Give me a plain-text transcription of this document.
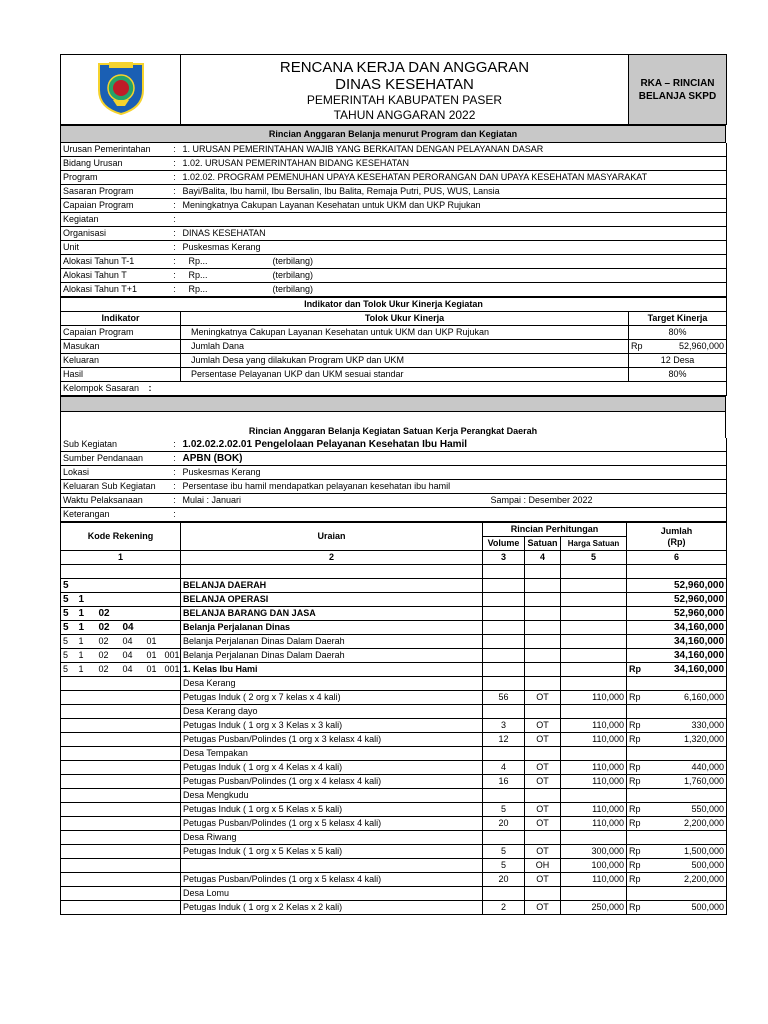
RENCANA KERJA DAN ANGGARAN
DINAS KESEHATAN
PEMERINTAH KABUPATEN PASER
TAHUN ANGGARAN 2022

RKA – RINCIAN
BELANJA SKPD
Rincian Anggaran Belanja menurut Program dan Kegiatan
Urusan Pemerintahan	:	1. URUSAN PEMERINTAHAN WAJIB YANG BERKAITAN DENGAN PELAYANAN DASAR	
Bidang Urusan	:	1.02. URUSAN PEMERINTAHAN BIDANG KESEHATAN	
Program	:	1.02.02. PROGRAM PEMENUHAN UPAYA KESEHATAN PERORANGAN DAN UPAYA KESEHATAN MASYARAKAT	
Sasaran Program	:	Bayi/Balita, Ibu hamil, Ibu Bersalin, Ibu Balita, Remaja Putri, PUS, WUS, Lansia	
Capaian Program	:	Meningkatnya Cakupan Layanan Kesehatan untuk UKM dan UKP Rujukan	
Kegiatan	:		
Organisasi	:	DINAS KESEHATAN	
Unit	:	Puskesmas Kerang	
Alokasi Tahun T-1	:	Rp...	(terbilang)
Alokasi Tahun T	:	Rp...	(terbilang)
Alokasi Tahun T+1	:	Rp...	(terbilang)
Indikator dan Tolok Ukur Kinerja Kegiatan			
Indikator	Tolok Ukur Kinerja	Target Kinerja	
Capaian Program	Meningkatnya Cakupan Layanan Kesehatan untuk UKM dan UKP Rujukan	80%	
Masukan	Jumlah Dana	Rp	52,960,000
Keluaran	Jumlah Desa yang dilakukan Program UKP dan UKM	12 Desa	
Hasil	Persentase Pelayanan UKP dan UKM sesuai standar	80%	
Kelompok Sasaran :			

Rincian Anggaran Belanja Kegiatan Satuan Kerja Perangkat Daerah
Sub Kegiatan	:	1.02.02.2.02.01 Pengelolaan Pelayanan Kesehatan Ibu Hamil	
Sumber Pendanaan	:	APBN (BOK)	
Lokasi	:	Puskesmas Kerang	
Keluaran Sub Kegiatan	:	Persentase ibu hamil mendapatkan pelayanan kesehatan ibu hamil	
Waktu Pelaksanaan	:	Mulai : Januari	Sampai : Desember 2022
Keterangan	:		
Kode Rekening						Uraian	Rincian Perhitungan			Jumlah
(Rp)	

							Volume	Satuan	Harga Satuan		
1						2	3	4	5	6	

5						BELANJA DAERAH					52,960,000
5	1					BELANJA OPERASI					52,960,000
5	1	02				BELANJA BARANG DAN JASA					52,960,000
5	1	02	04			Belanja Perjalanan Dinas					34,160,000
5	1	02	04	01		Belanja Perjalanan Dinas Dalam Daerah					34,160,000
5	1	02	04	01	001	Belanja Perjalanan Dinas Dalam Daerah					34,160,000
5	1	02	04	01	001	1. Kelas Ibu Hami				Rp	34,160,000
						Desa Kerang					
						Petugas Induk ( 2 org x 7 kelas x 4 kali)	56	OT	110,000	Rp	6,160,000
						Desa Kerang dayo					
						Petugas Induk ( 1 org x 3 Kelas x 3 kali)	3	OT	110,000	Rp	330,000
						Petugas Pusban/Polindes (1 org x 3 kelasx 4 kali)	12	OT	110,000	Rp	1,320,000
						Desa Tempakan					
						Petugas Induk ( 1 org x 4 Kelas x 4 kali)	4	OT	110,000	Rp	440,000
						Petugas Pusban/Polindes (1 org x 4 kelasx 4 kali)	16	OT	110,000	Rp	1,760,000
						Desa Mengkudu					
						Petugas Induk ( 1 org x 5 Kelas x 5 kali)	5	OT	110,000	Rp	550,000
						Petugas Pusban/Polindes (1 org x 5 kelasx 4 kali)	20	OT	110,000	Rp	2,200,000
						Desa Riwang					
						Petugas Induk ( 1 org x 5 Kelas x 5 kali)	5	OT	300,000	Rp	1,500,000
							5	OH	100,000	Rp	500,000
						Petugas Pusban/Polindes (1 org x 5 kelasx 4 kali)	20	OT	110,000	Rp	2,200,000
						Desa Lomu					
						Petugas Induk ( 1 org x 2 Kelas x 2 kali)	2	OT	250,000	Rp	500,000
